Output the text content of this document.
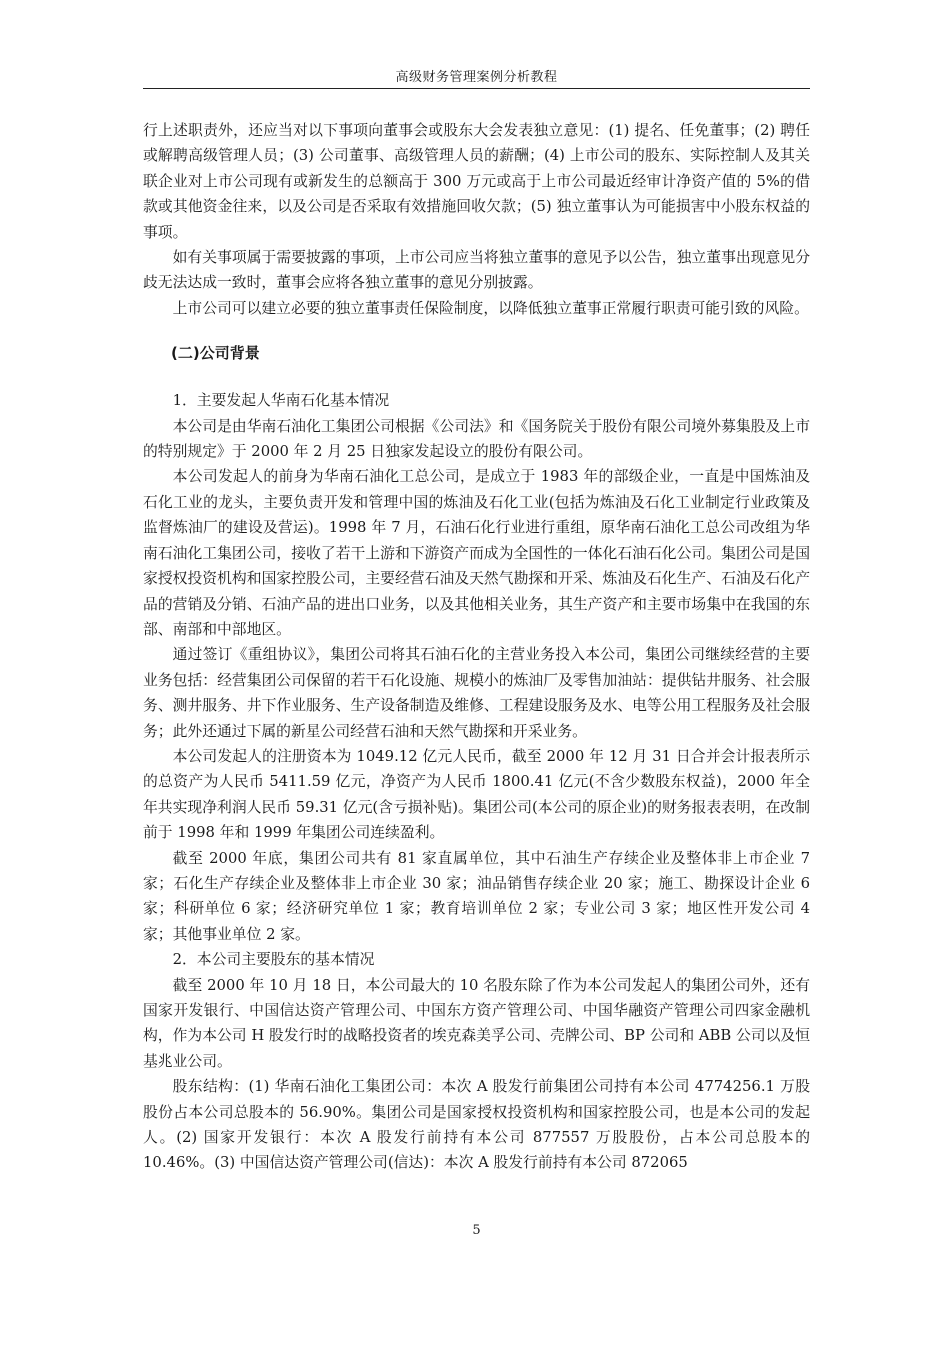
高级财务管理案例分析教程

行上述职责外，还应当对以下事项向董事会或股东大会发表独立意见：(1) 提名、任免董事；(2) 聘任或解聘高级管理人员；(3) 公司董事、高级管理人员的薪酬；(4) 上市公司的股东、实际控制人及其关联企业对上市公司现有或新发生的总额高于 300 万元或高于上市公司最近经审计净资产值的 5%的借款或其他资金往来，以及公司是否采取有效措施回收欠款；(5) 独立董事认为可能损害中小股东权益的事项。

如有关事项属于需要披露的事项，上市公司应当将独立董事的意见予以公告，独立董事出现意见分歧无法达成一致时，董事会应将各独立董事的意见分别披露。

上市公司可以建立必要的独立董事责任保险制度，以降低独立董事正常履行职责可能引致的风险。

(二)公司背景

1．主要发起人华南石化基本情况

本公司是由华南石油化工集团公司根据《公司法》和《国务院关于股份有限公司境外募集股及上市的特别规定》于 2000 年 2 月 25 日独家发起设立的股份有限公司。

本公司发起人的前身为华南石油化工总公司，是成立于 1983 年的部级企业，一直是中国炼油及石化工业的龙头，主要负责开发和管理中国的炼油及石化工业(包括为炼油及石化工业制定行业政策及监督炼油厂的建设及营运)。1998 年 7 月，石油石化行业进行重组，原华南石油化工总公司改组为华南石油化工集团公司，接收了若干上游和下游资产而成为全国性的一体化石油石化公司。集团公司是国家授权投资机构和国家控股公司，主要经营石油及天然气勘探和开采、炼油及石化生产、石油及石化产品的营销及分销、石油产品的进出口业务，以及其他相关业务，其生产资产和主要市场集中在我国的东部、南部和中部地区。

通过签订《重组协议》，集团公司将其石油石化的主营业务投入本公司，集团公司继续经营的主要业务包括：经营集团公司保留的若干石化设施、规模小的炼油厂及零售加油站：提供钻井服务、社会服务、测井服务、井下作业服务、生产设备制造及维修、工程建设服务及水、电等公用工程服务及社会服务；此外还通过下属的新星公司经营石油和天然气勘探和开采业务。

本公司发起人的注册资本为 1049.12 亿元人民币，截至 2000 年 12 月 31 日合并会计报表所示的总资产为人民币 5411.59 亿元，净资产为人民币 1800.41 亿元(不含少数股东权益)，2000 年全年共实现净利润人民币 59.31 亿元(含亏损补贴)。集团公司(本公司的原企业)的财务报表表明，在改制前于 1998 年和 1999 年集团公司连续盈利。

截至 2000 年底，集团公司共有 81 家直属单位，其中石油生产存续企业及整体非上市企业 7 家；石化生产存续企业及整体非上市企业 30 家；油品销售存续企业 20 家；施工、勘探设计企业 6 家；科研单位 6 家；经济研究单位 1 家；教育培训单位 2 家；专业公司 3 家；地区性开发公司 4 家；其他事业单位 2 家。

2．本公司主要股东的基本情况

截至 2000 年 10 月 18 日，本公司最大的 10 名股东除了作为本公司发起人的集团公司外，还有国家开发银行、中国信达资产管理公司、中国东方资产管理公司、中国华融资产管理公司四家金融机构，作为本公司 H 股发行时的战略投资者的埃克森美孚公司、壳牌公司、BP 公司和 ABB 公司以及恒基兆业公司。

股东结构：(1) 华南石油化工集团公司：本次 A 股发行前集团公司持有本公司 4774256.1 万股股份占本公司总股本的 56.90%。集团公司是国家授权投资机构和国家控股公司，也是本公司的发起人。(2) 国家开发银行：本次 A 股发行前持有本公司 877557 万股股份，占本公司总股本的 10.46%。(3) 中国信达资产管理公司(信达)：本次 A 股发行前持有本公司 872065

5
